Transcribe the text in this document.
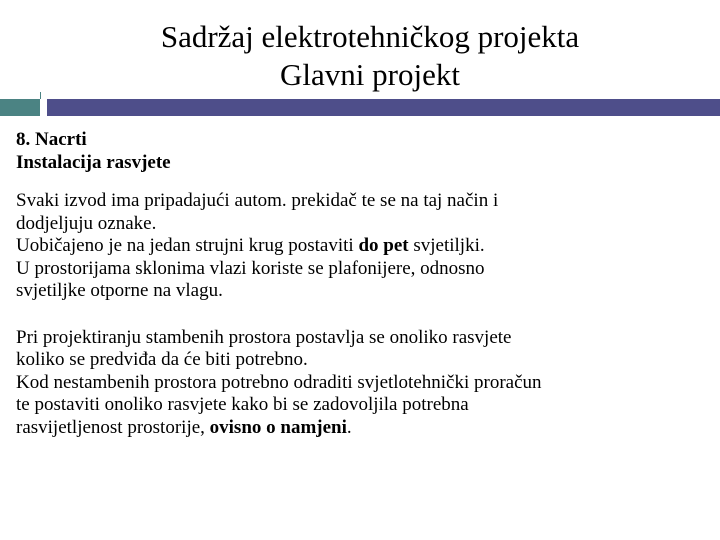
Sadržaj elektrotehničkog projekta
Glavni projekt
8. Nacrti
Instalacija rasvjete
Svaki izvod ima pripadajući autom. prekidač te se na taj način i
dodjeljuju oznake.
Uobičajeno je na jedan strujni krug postaviti do pet svjetiljki.
U prostorijama sklonima vlazi koriste se plafonijere, odnosno
svjetiljke otporne na vlagu.
Pri projektiranju stambenih prostora postavlja se onoliko rasvjete
koliko se predviđa da će biti potrebno.
Kod nestambenih prostora potrebno odraditi svjetlotehnički proračun
te postaviti onoliko rasvjete kako bi se zadovoljila potrebna
rasvijetljenost prostorije, ovisno o namjeni.
